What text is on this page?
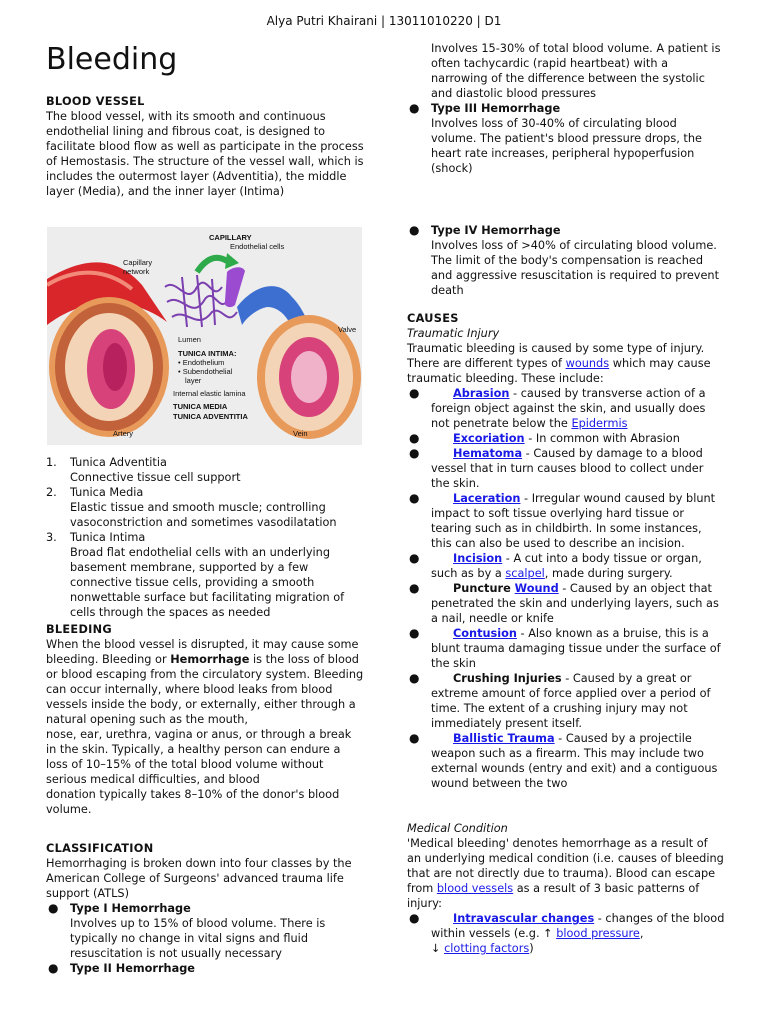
Alya Putri Khairani | 13011010220 | D1
Bleeding
BLOOD VESSEL

The blood vessel, with its smooth and continuous endothelial lining and fibrous coat, is designed to facilitate blood flow as well as participate in the process of Hemostasis. The structure of the vessel wall, which is includes the outermost layer (Adventitia), the middle layer (Media), and the inner layer (Intima)

1. Tunica Adventitia
Connective tissue cell support
2. Tunica Media
Elastic tissue and smooth muscle; controlling vasoconstriction and sometimes vasodilatation
3. Tunica Intima
Broad flat endothelial cells with an underlying basement membrane, supported by a few connective tissue cells, providing a smooth nonwettable surface but facilitating migration of cells through the spaces as needed
BLEEDING

When the blood vessel is disrupted, it may cause some bleeding. Bleeding or Hemorrhage is the loss of blood or blood escaping from the circulatory system. Bleeding can occur internally, where blood leaks from blood vessels inside the body, or externally, either through a natural opening such as the mouth,

nose, ear, urethra, vagina or anus, or through a break in the skin. Typically, a healthy person can endure a loss of 10–15% of the total blood volume without serious medical difficulties, and blood

donation typically takes 8–10% of the donor's blood volume.

CLASSIFICATION

Hemorrhaging is broken down into four classes by the American College of Surgeons' advanced trauma life support (ATLS)

● Type I Hemorrhage
Involves up to 15% of blood volume. There is typically no change in vital signs and fluid resuscitation is not usually necessary
● Type II Hemorrhage
CAPILLARY
Endothelial cells
Capillary
network
Valve
Lumen
TUNICA INTIMA:
• Endothelium
• Subendothelial
layer
Internal elastic lamina
TUNICA MEDIA
TUNICA ADVENTITIA
Artery	Vein

Involves 15-30% of total blood volume. A patient is often tachycardic (rapid heartbeat) with a narrowing of the difference between the systolic and diastolic blood pressures

● Type III Hemorrhage
Involves loss of 30-40% of circulating blood volume. The patient's blood pressure drops, the heart rate increases, peripheral hypoperfusion (shock)
● Type IV Hemorrhage
Involves loss of >40% of circulating blood volume. The limit of the body's compensation is reached and aggressive resuscitation is required to prevent death
CAUSES
Traumatic Injury

Traumatic bleeding is caused by some type of injury. There are different types of wounds which may cause traumatic bleeding. These include:

●	Abrasion - caused by transverse action of a foreign object against the skin, and usually does not penetrate below the Epidermis
●	Excoriation - In common with Abrasion
●	Hematoma - Caused by damage to a blood vessel that in turn causes blood to collect under the skin.
●	Laceration - Irregular wound caused by blunt impact to soft tissue overlying hard tissue or tearing such as in childbirth. In some instances, this can also be used to describe an incision.
●	Incision - A cut into a body tissue or organ, such as by a scalpel, made during surgery.
●	Puncture Wound - Caused by an object that penetrated the skin and underlying layers, such as a nail, needle or knife
●	Contusion - Also known as a bruise, this is a blunt trauma damaging tissue under the surface of the skin
●	Crushing Injuries - Caused by a great or extreme amount of force applied over a period of time. The extent of a crushing injury may not immediately present itself.
●	Ballistic Trauma - Caused by a projectile weapon such as a firearm. This may include two external wounds (entry and exit) and a contiguous wound between the two
Medical Condition

'Medical bleeding' denotes hemorrhage as a result of an underlying medical condition (i.e. causes of bleeding that are not directly due to trauma). Blood can escape from blood vessels as a result of 3 basic patterns of injury:

●	Intravascular changes - changes of the blood within vessels (e.g. ↑ blood pressure,
↓ clotting factors)
